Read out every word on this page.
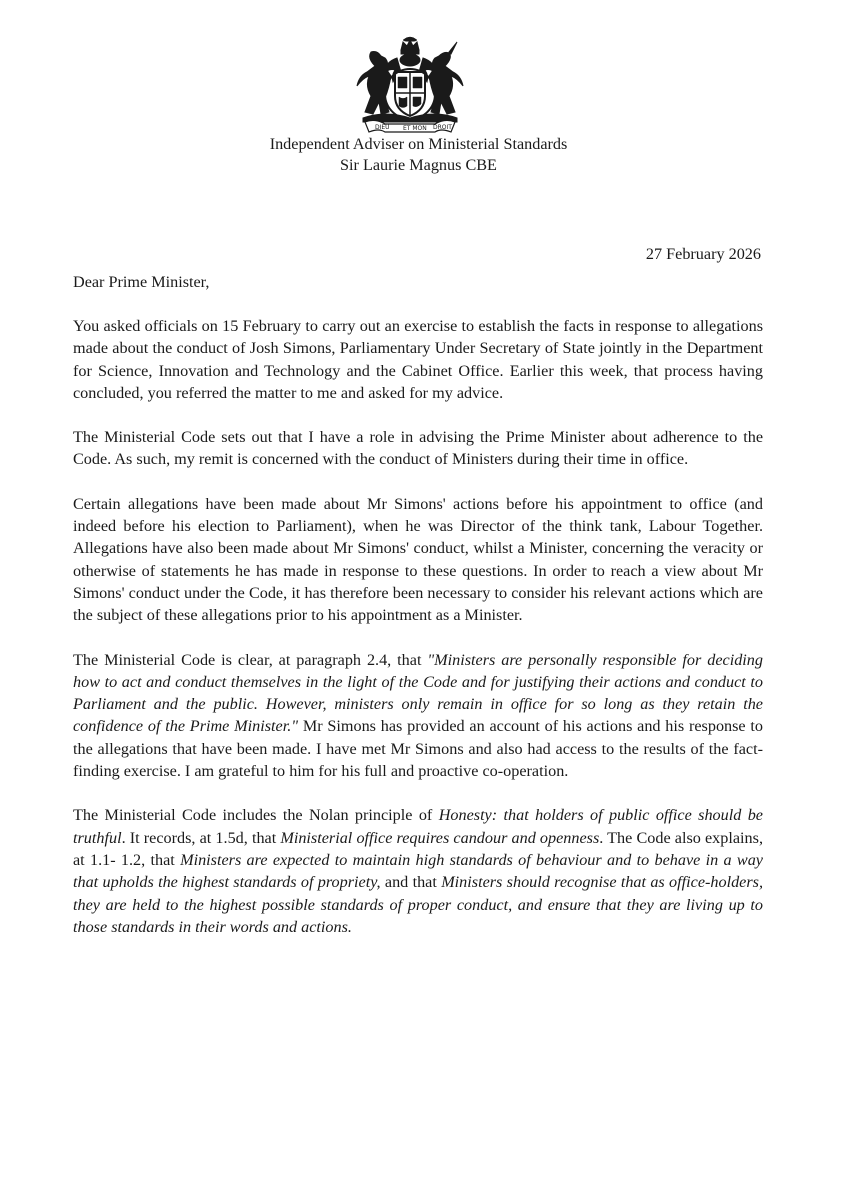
DIEU ET MON DROIT
Independent Adviser on Ministerial Standards
Sir Laurie Magnus CBE
27 February 2026
Dear Prime Minister,

You asked officials on 15 February to carry out an exercise to establish the facts in response to allegations made about the conduct of Josh Simons, Parliamentary Under Secretary of State jointly in the Department for Science, Innovation and Technology and the Cabinet Office. Earlier this week, that process having concluded, you referred the matter to me and asked for my advice.

The Ministerial Code sets out that I have a role in advising the Prime Minister about adherence to the Code. As such, my remit is concerned with the conduct of Ministers during their time in office.

Certain allegations have been made about Mr Simons' actions before his appointment to office (and indeed before his election to Parliament), when he was Director of the think tank, Labour Together. Allegations have also been made about Mr Simons' conduct, whilst a Minister, concerning the veracity or otherwise of statements he has made in response to these questions. In order to reach a view about Mr Simons' conduct under the Code, it has therefore been necessary to consider his relevant actions which are the subject of these allegations prior to his appointment as a Minister.

The Ministerial Code is clear, at paragraph 2.4, that "Ministers are personally responsible for deciding how to act and conduct themselves in the light of the Code and for justifying their actions and conduct to Parliament and the public. However, ministers only remain in office for so long as they retain the confidence of the Prime Minister." Mr Simons has provided an account of his actions and his response to the allegations that have been made. I have met Mr Simons and also had access to the results of the fact-finding exercise. I am grateful to him for his full and proactive co-operation.

The Ministerial Code includes the Nolan principle of Honesty: that holders of public office should be truthful. It records, at 1.5d, that Ministerial office requires candour and openness. The Code also explains, at 1.1- 1.2, that Ministers are expected to maintain high standards of behaviour and to behave in a way that upholds the highest standards of propriety, and that Ministers should recognise that as office-holders, they are held to the highest possible standards of proper conduct, and ensure that they are living up to those standards in their words and actions.
